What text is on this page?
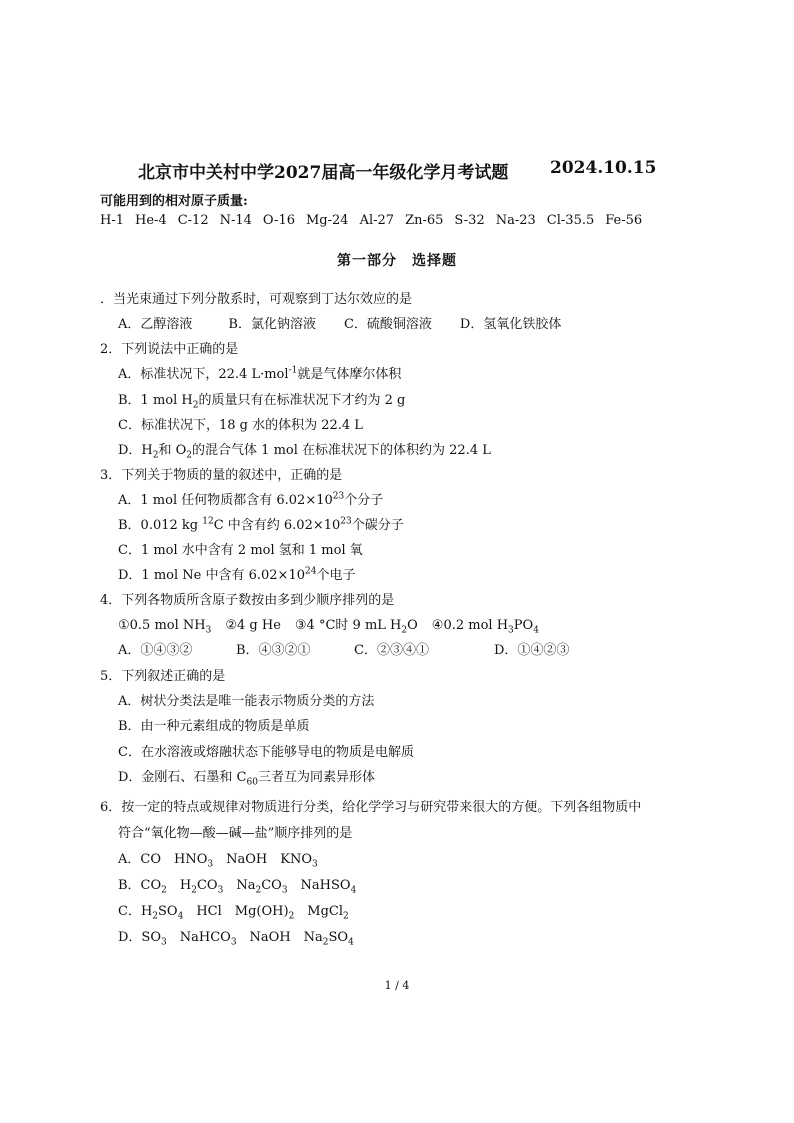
北京市中关村中学2027届高一年级化学月考试题 2024.10.15
可能用到的相对原子质量:
H-1 He-4 C-12 N-14 O-16 Mg-24 Al-27 Zn-65 S-32 Na-23 Cl-35.5 Fe-56
第一部分　选择题
．当光束通过下列分散系时，可观察到丁达尔效应的是
A．乙醇溶液	B．氯化钠溶液 C．硫酸铜溶液 D．氢氧化铁胶体
2．下列说法中正确的是
A．标准状况下，22.4 L·mol$^{-1}$就是气体摩尔体积
B．1 mol $H_2$的质量只有在标准状况下才约为 2 g
C．标准状况下，18 g 水的体积为 22.4 L
D．$H_2$和 $O_2$的混合气体 1 mol 在标准状况下的体积约为 22.4 L
3．下列关于物质的量的叙述中，正确的是
A．1 mol 任何物质都含有 $6.02\times 10^{23}$个分子
B．0.012 kg $^{12}$C 中含有约 $6.02\times 10^{23}$个碳分子
C．1 mol 水中含有 2 mol 氢和 1 mol 氧
D．1 mol Ne 中含有 $6.02\times 10^{24}$个电子
4．下列各物质所含原子数按由多到少顺序排列的是
①0.5 mol $NH_3$ ②4 g He ③4 °C时 9 mL $H_2O$ ④0.2 mol $H_3PO_4$
A．①④③②	B．④③②①	C．②③④①	D．①④②③
5．下列叙述正确的是
A．树状分类法是唯一能表示物质分类的方法
B．由一种元素组成的物质是单质
C．在水溶液或熔融状态下能够导电的物质是电解质
D．金刚石、石墨和 $C_{60}$三者互为同素异形体
6．按一定的特点或规律对物质进行分类，给化学学习与研究带来很大的方便。下列各组物质中
符合“氧化物—酸—碱—盐”顺序排列的是
A．CO　$HNO_3$　NaOH　$KNO_3$
B．$CO_2$　$H_2CO_3$　$Na_2CO_3$　NaHSO$_4$
C．$H_2SO_4$　HCl　$Mg(OH)_2$　MgCl$_2$
D．$SO_3$　NaHCO$_3$　NaOH　$Na_2SO_4$
1 / 4
